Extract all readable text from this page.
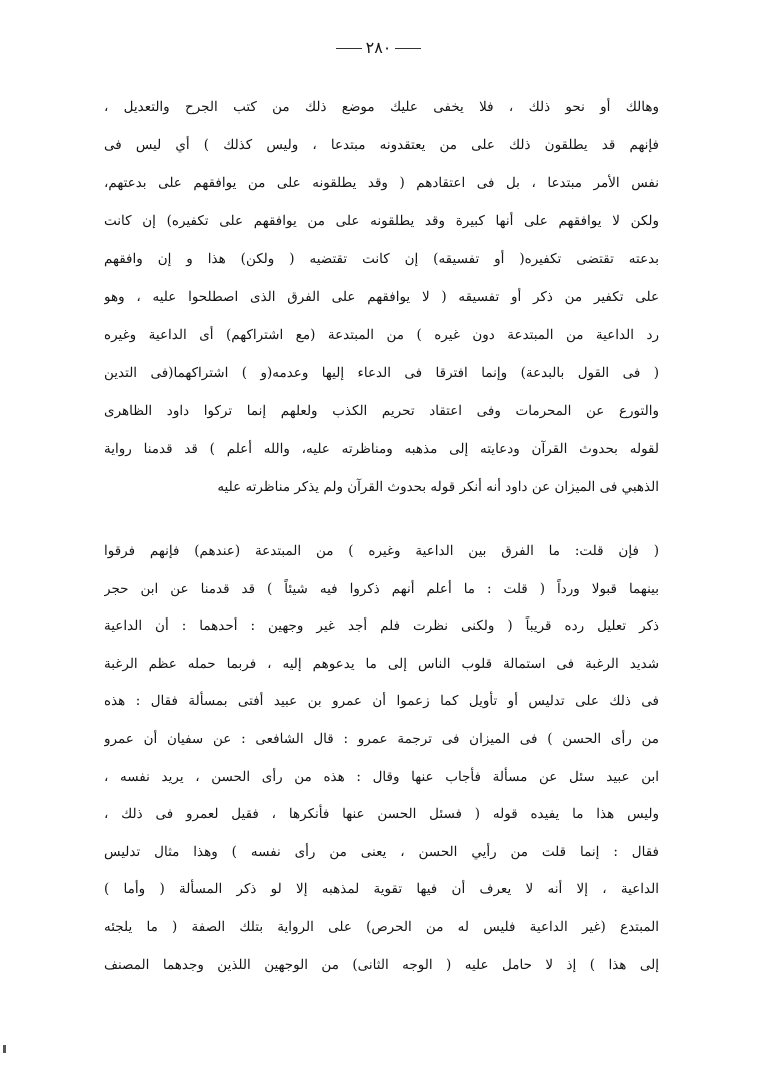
٢٨٠
وهالك أو نحو ذلك ، فلا يخفى عليك موضع ذلك من كتب الجرح والتعديل ،
فإنهم قد يطلقون ذلك على من يعتقدونه مبتدعا ، وليس كذلك ) أي ليس فى
نفس الأمر مبتدعا ، بل فى اعتقادهم ( وقد يطلقونه على من يوافقهم على بدعتهم،
ولكن لا يوافقهم على أنها كبيرة وقد يطلقونه على من يوافقهم على تكفيره) إن كانت
بدعته تقتضى تكفيره( أو تفسيقه) إن كانت تقتضيه ( ولكن) هذا و إن وافقهم
على تكفير من ذكر أو تفسيقه ( لا يوافقهم على الفرق الذى اصطلحوا عليه ، وهو
رد الداعية من المبتدعة دون غيره ) من المبتدعة (مع اشتراكهم) أى الداعية وغيره
( فى القول بالبدعة) وإنما افترقا فى الدعاء إليها وعدمه(و ) اشتراكهما(فى التدين
والتورع عن المحرمات وفى اعتقاد تحريم الكذب ولعلهم إنما تركوا داود الظاهرى
لقوله بحدوث القرآن ودعايته إلى مذهبه ومناظرته عليه، والله أعلم ) قد قدمنا رواية
الذهبي فى الميزان عن داود أنه أنكر قوله بحدوث القرآن ولم يذكر مناظرته عليه
( فإن قلت: ما الفرق بين الداعية وغيره ) من المبتدعة (عندهم) فإنهم فرقوا
بينهما قبولا ورداً ( قلت : ما أعلم أنهم ذكروا فيه شيئاً ) قد قدمنا عن ابن حجر
ذكر تعليل رده قريباً ( ولكنى نظرت فلم أجد غير وجهين : أحدهما : أن الداعية
شديد الرغبة فى استمالة قلوب الناس إلى ما يدعوهم إليه ، فربما حمله عظم الرغبة
فى ذلك على تدليس أو تأويل كما زعموا أن عمرو بن عبيد أفتى بمسألة فقال : هذه
من رأى الحسن ) فى الميزان فى ترجمة عمرو : قال الشافعى : عن سفيان أن عمرو
ابن عبيد سئل عن مسألة فأجاب عنها وقال : هذه من رأى الحسن ، يريد نفسه ،
وليس هذا ما يفيده قوله ( فسئل الحسن عنها فأنكرها ، فقيل لعمرو فى ذلك ،
فقال : إنما قلت من رأيي الحسن ، يعنى من رأى نفسه ) وهذا مثال تدليس
الداعية ، إلا أنه لا يعرف أن فيها تقوية لمذهبه إلا لو ذكر المسألة ( وأما )
المبتدع (غير الداعية فليس له من الحرص) على الرواية بتلك الصفة ( ما يلجئه
إلى هذا ) إذ لا حامل عليه ( الوجه الثانى) من الوجهين اللذين وجدهما المصنف
